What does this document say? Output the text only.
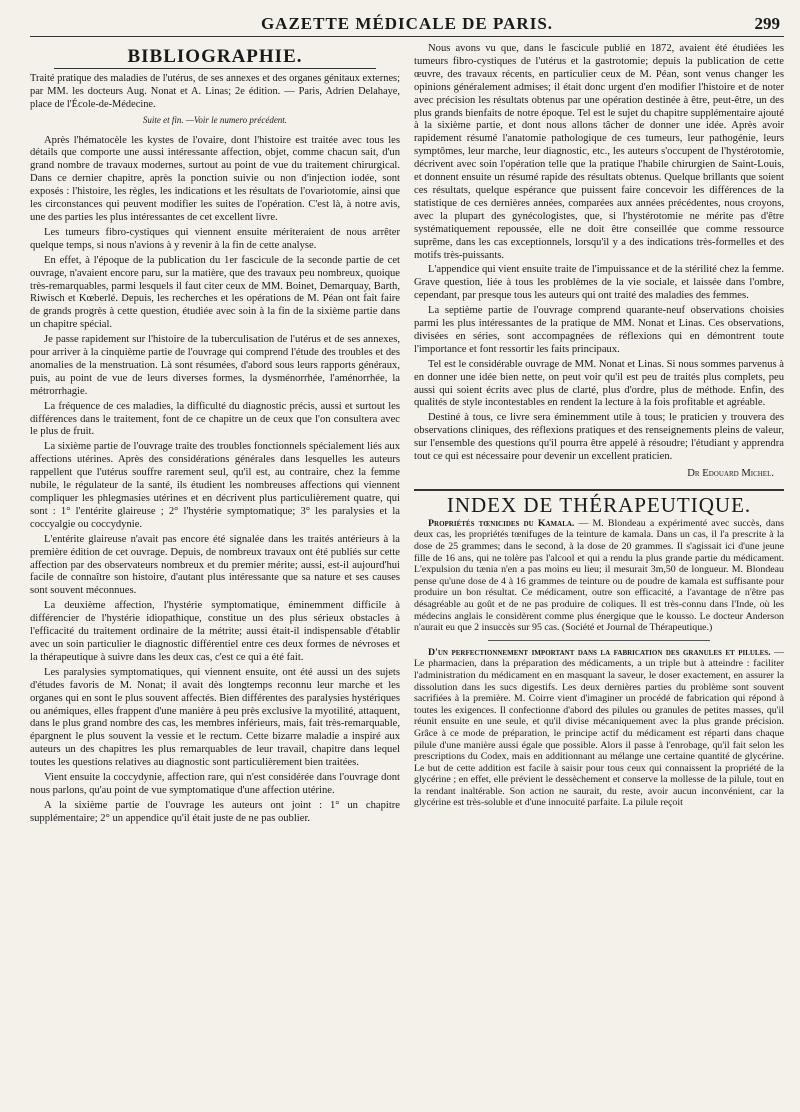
GAZETTE MÉDICALE DE PARIS.	299
BIBLIOGRAPHIE.

Traité pratique des maladies de l'utérus, de ses annexes et des organes génitaux externes; par MM. les docteurs Aug. Nonat et A. Linas; 2e édition. — Paris, Adrien Delahaye, place de l'École-de-Médecine.

Suite et fin. —Voir le numero précédent.

Après l'hématocèle les kystes de l'ovaire, dont l'histoire est traitée avec tous les détails que comporte une aussi intéressante affection, objet, comme chacun sait, d'un grand nombre de travaux modernes, surtout au point de vue du traitement chirurgical. Dans ce dernier chapitre, après la ponction suivie ou non d'injection iodée, sont exposés : l'histoire, les règles, les indications et les résultats de l'ovariotomie, ainsi que les circonstances qui peuvent modifier les suites de l'opération. C'est là, à notre avis, une des parties les plus intéressantes de cet excellent livre.

Les tumeurs fibro-cystiques qui viennent ensuite mériteraient de nous arrêter quelque temps, si nous n'avions à y revenir à la fin de cette analyse.

En effet, à l'époque de la publication du 1er fascicule de la seconde partie de cet ouvrage, n'avaient encore paru, sur la matière, que des travaux peu nombreux, quoique très-remarquables, parmi lesquels il faut citer ceux de MM. Boinet, Demarquay, Barth, Riwisch et Kœberlé. Depuis, les recherches et les opérations de M. Péan ont fait faire de grands progrès à cette question, étudiée avec soin à la fin de la sixième partie dans un chapitre spécial.

Je passe rapidement sur l'histoire de la tuberculisation de l'utérus et de ses annexes, pour arriver à la cinquième partie de l'ouvrage qui comprend l'étude des troubles et des anomalies de la menstruation. Là sont résumées, d'abord sous leurs rapports généraux, puis, au point de vue de leurs diverses formes, la dysménorrhée, l'aménorrhée, la métrorrhagie.

La fréquence de ces maladies, la difficulté du diagnostic précis, aussi et surtout les différences dans le traitement, font de ce chapitre un de ceux que l'on consultera avec le plus de fruit.

La sixième partie de l'ouvrage traite des troubles fonctionnels spécialement liés aux affections utérines. Après des considérations générales dans lesquelles les auteurs rappellent que l'utérus souffre rarement seul, qu'il est, au contraire, chez la femme nubile, le régulateur de la santé, ils étudient les nombreuses affections qui viennent compliquer les phlegmasies utérines et en décrivent plus particulièrement quatre, qui sont : 1° l'entérite glaireuse ; 2° l'hystérie symptomatique; 3° les paralysies et la coccyalgie ou coccydynie.

L'entérite glaireuse n'avait pas encore été signalée dans les traités antérieurs à la première édition de cet ouvrage. Depuis, de nombreux travaux ont été publiés sur cette affection par des observateurs nombreux et du premier mérite; aussi, est-il aujourd'hui facile de connaître son histoire, d'autant plus intéressante que sa nature et ses causes sont souvent méconnues.

La deuxième affection, l'hystérie symptomatique, éminemment difficile à différencier de l'hystérie idiopathique, constitue un des plus sérieux obstacles à l'efficacité du traitement ordinaire de la métrite; aussi était-il indispensable d'établir avec un soin particulier le diagnostic différentiel entre ces deux formes de névroses et la thérapeutique à suivre dans les deux cas, c'est ce qui a été fait.

Les paralysies symptomatiques, qui viennent ensuite, ont été aussi un des sujets d'études favoris de M. Nonat; il avait dès longtemps reconnu leur marche et les organes qui en sont le plus souvent affectés. Bien différentes des paralysies hystériques ou anémiques, elles frappent d'une manière à peu près exclusive la myotilité, attaquent, dans le plus grand nombre des cas, les membres inférieurs, mais, fait très-remarquable, épargnent le plus souvent la vessie et le rectum. Cette bizarre maladie a inspiré aux auteurs un des chapitres les plus remarquables de leur travail, chapitre dans lequel toutes les questions relatives au diagnostic sont particulièrement bien traitées.

Vient ensuite la coccydynie, affection rare, qui n'est considérée dans l'ouvrage dont nous parlons, qu'au point de vue symptomatique d'une affection utérine.

A la sixième partie de l'ouvrage les auteurs ont joint : 1° un chapitre supplémentaire; 2° un appendice qu'il était juste de ne pas oublier.

Nous avons vu que, dans le fascicule publié en 1872, avaient été étudiées les tumeurs fibro-cystiques de l'utérus et la gastrotomie; depuis la publication de cette œuvre, des travaux récents, en particulier ceux de M. Péan, sont venus changer les opinions généralement admises; il était donc urgent d'en modifier l'histoire et de noter avec précision les résultats obtenus par une opération destinée à être, peut-être, un des plus grands bienfaits de notre époque. Tel est le sujet du chapitre supplémentaire ajouté à la sixième partie, et dont nous allons tâcher de donner une idée. Après avoir rapidement résumé l'anatomie pathologique de ces tumeurs, leur pathogénie, leurs symptômes, leur marche, leur diagnostic, etc., les auteurs s'occupent de l'hystérotomie, décrivent avec soin l'opération telle que la pratique l'habile chirurgien de Saint-Louis, et donnent ensuite un résumé rapide des résultats obtenus. Quelque brillants que soient ces résultats, quelque espérance que puissent faire concevoir les différences de la statistique de ces dernières années, comparées aux années précédentes, nous croyons, avec la plupart des gynécologistes, que, si l'hystérotomie ne mérite pas d'être systématiquement repoussée, elle ne doit être conseillée que comme ressource suprême, dans les cas exceptionnels, lorsqu'il y a des indications très-formelles et des motifs très-puissants.

L'appendice qui vient ensuite traite de l'impuissance et de la stérilité chez la femme. Grave question, liée à tous les problèmes de la vie sociale, et laissée dans l'ombre, cependant, par presque tous les auteurs qui ont traité des maladies des femmes.

La septième partie de l'ouvrage comprend quarante-neuf observations choisies parmi les plus intéressantes de la pratique de MM. Nonat et Linas. Ces observations, divisées en séries, sont accompagnées de réflexions qui en démontrent toute l'importance et font ressortir les faits principaux.

Tel est le considérable ouvrage de MM. Nonat et Linas. Si nous sommes parvenus à en donner une idée bien nette, on peut voir qu'il est peu de traités plus complets, peu aussi qui soient écrits avec plus de clarté, plus d'ordre, plus de méthode. Enfin, des qualités de style incontestables en rendent la lecture à la fois profitable et agréable.

Destiné à tous, ce livre sera éminemment utile à tous; le praticien y trouvera des observations cliniques, des réflexions pratiques et des renseignements pleins de valeur, sur l'ensemble des questions qu'il pourra être appelé à résoudre; l'étudiant y apprendra tout ce qui est nécessaire pour devenir un excellent praticien.

Dr Edouard Michel.

INDEX DE THÉRAPEUTIQUE.

Propriétés tœnicides du Kamala. — M. Blondeau a expérimenté avec succès, dans deux cas, les propriétés tœnifuges de la teinture de kamala. Dans un cas, il l'a prescrite à la dose de 25 grammes; dans le second, à la dose de 20 grammes. Il s'agissait ici d'une jeune fille de 16 ans, qui ne tolère pas l'alcool et qui a rendu la plus grande partie du médicament. L'expulsion du tænia n'en a pas moins eu lieu; il mesurait 3m,50 de longueur. M. Blondeau pense qu'une dose de 4 à 16 grammes de teinture ou de poudre de kamala est suffisante pour produire un bon résultat. Ce médicament, outre son efficacité, a l'avantage de n'être pas désagréable au goût et de ne pas produire de coliques. Il est très-connu dans l'Inde, où les médecins anglais le considèrent comme plus énergique que le kousso. Le docteur Anderson n'aurait eu que 2 insuccès sur 95 cas. (Société et Journal de Thérapeutique.)

D'un perfectionnement important dans la fabrication des granules et pilules. — Le pharmacien, dans la préparation des médicaments, a un triple but à atteindre : faciliter l'administration du médicament en en masquant la saveur, le doser exactement, en assurer la dissolution dans les sucs digestifs. Les deux dernières parties du problème sont souvent sacrifiées à la première. M. Coirre vient d'imaginer un procédé de fabrication qui répond à toutes les exigences. Il confectionne d'abord des pilules ou granules de petites masses, qu'il réunit ensuite en une seule, et qu'il divise mécaniquement avec la plus grande précision. Grâce à ce mode de préparation, le principe actif du médicament est réparti dans chaque pilule d'une manière aussi égale que possible. Alors il passe à l'enrobage, qu'il fait selon les prescriptions du Codex, mais en additionnant au mélange une certaine quantité de glycérine. Le but de cette addition est facile à saisir pour tous ceux qui connaissent la propriété de la glycérine ; en effet, elle prévient le dessèchement et conserve la mollesse de la pilule, tout en la rendant inaltérable. Son action ne saurait, du reste, avoir aucun inconvénient, car la glycérine est très-soluble et d'une innocuité parfaite. La pilule reçoit
